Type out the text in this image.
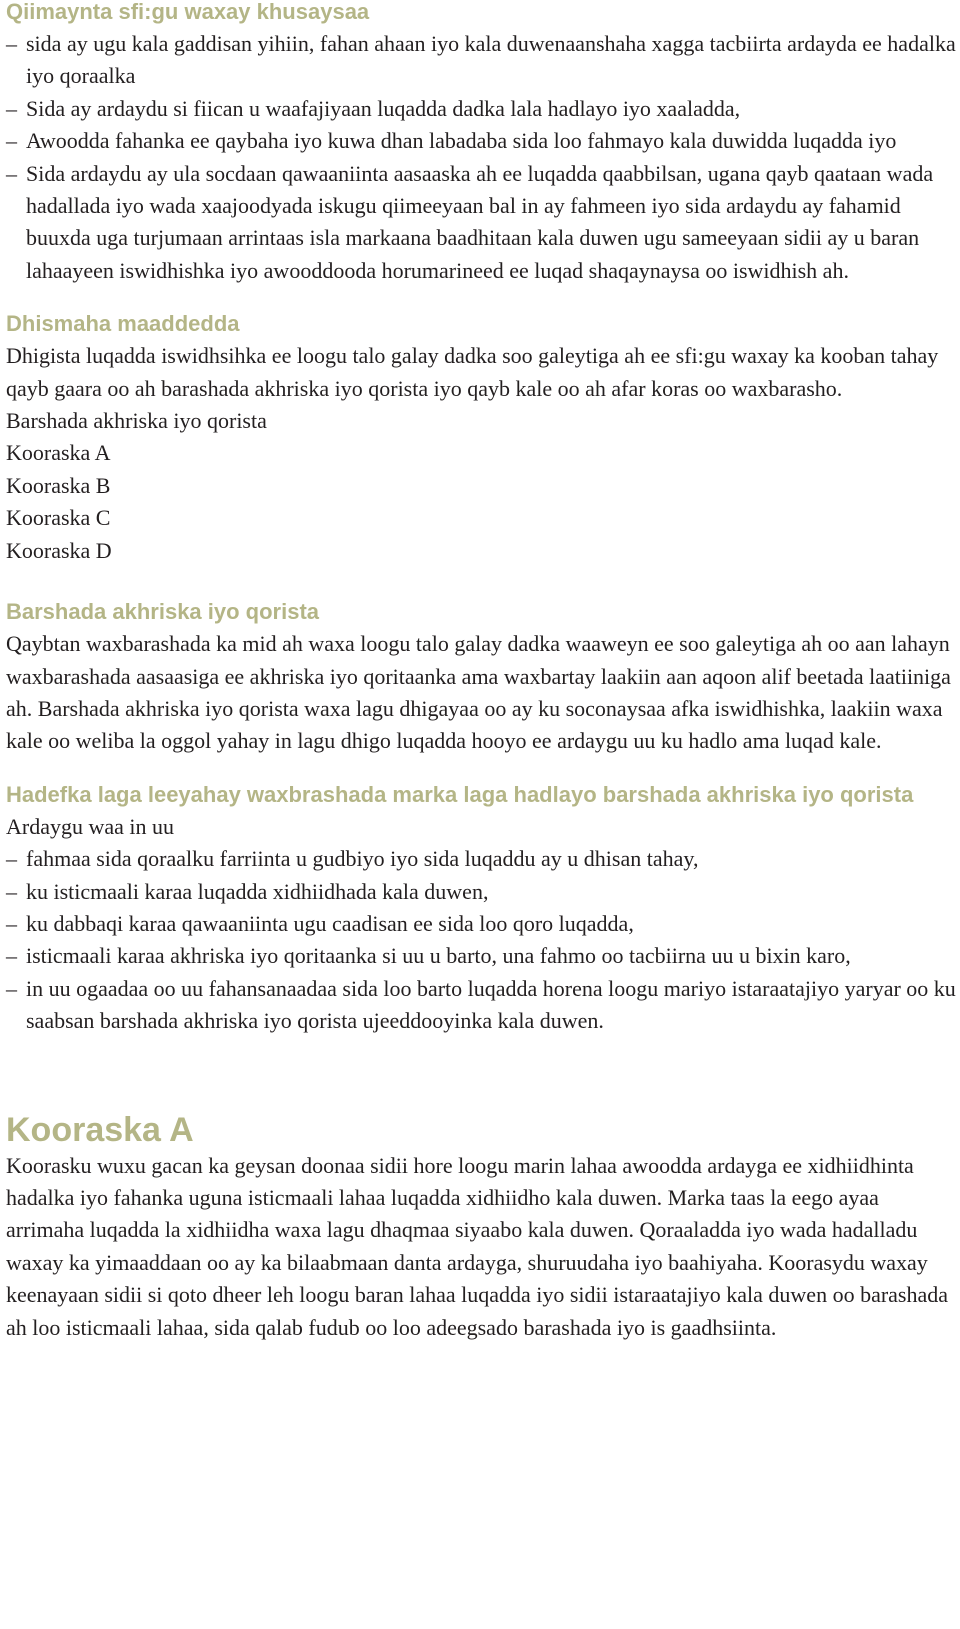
Qiimaynta sfi:gu waxay khusaysaa
– sida ay ugu kala gaddisan yihiin, fahan ahaan iyo kala duwenaanshaha xagga tacbiirta ardayda ee hadalka iyo qoraalka
– Sida ay ardaydu si fiican u waafajiyaan luqadda dadka lala hadlayo iyo xaaladda,
– Awoodda fahanka ee qaybaha iyo kuwa dhan labadaba sida loo fahmayo kala duwidda luqadda iyo
– Sida ardaydu ay ula socdaan qawaaniinta aasaaska ah ee luqadda qaabbilsan, ugana qayb qaataan wada hadallada iyo wada xaajoodyada iskugu qiimeeyaan bal in ay fahmeen iyo sida ardaydu ay fahamid buuxda uga turjumaan arrintaas isla markaana baadhitaan kala duwen ugu sameeyaan sidii ay u baran lahaayeen iswidhishka iyo awooddooda horumarineed ee luqad shaqaynaysa oo iswidhish ah.
Dhismaha maaddedda

Dhigista luqadda iswidhsihka ee loogu talo galay dadka soo galeytiga ah ee sfi:gu waxay ka kooban tahay qayb gaara oo ah barashada akhriska iyo qorista iyo qayb kale oo ah afar koras oo waxbarasho.

Barshada akhriska iyo qorista

Kooraska A

Kooraska B

Kooraska C

Kooraska D

Barshada akhriska iyo qorista

Qaybtan waxbarashada ka mid ah waxa loogu talo galay dadka waaweyn ee soo galeytiga ah oo aan lahayn waxbarashada aasaasiga ee akhriska iyo qoritaanka ama waxbartay laakiin aan aqoon alif beetada laatiiniga ah. Barshada akhriska iyo qorista waxa lagu dhigayaa oo ay ku soconaysaa afka iswidhishka, laakiin waxa kale oo weliba la oggol yahay in lagu dhigo luqadda hooyo ee ardaygu uu ku hadlo ama luqad kale.

Hadefka laga leeyahay waxbrashada marka laga hadlayo barshada akhriska iyo qorista

Ardaygu waa in uu

– fahmaa sida qoraalku farriinta u gudbiyo iyo sida luqaddu ay u dhisan tahay,
– ku isticmaali karaa luqadda xidhiidhada kala duwen,
– ku dabbaqi karaa qawaaniinta ugu caadisan ee sida loo qoro luqadda,
– isticmaali karaa akhriska iyo qoritaanka si uu u barto, una fahmo oo tacbiirna uu u bixin karo,
– in uu ogaadaa oo uu fahansanaadaa sida loo barto luqadda horena loogu mariyo istaraatajiyo yaryar oo ku saabsan barshada akhriska iyo qorista ujeeddooyinka kala duwen.
Kooraska A

Koorasku wuxu gacan ka geysan doonaa sidii hore loogu marin lahaa awoodda ardayga ee xidhiidhinta hadalka iyo fahanka uguna isticmaali lahaa luqadda xidhiidho kala duwen. Marka taas la eego ayaa arrimaha luqadda la xidhiidha waxa lagu dhaqmaa siyaabo kala duwen. Qoraaladda iyo wada hadalladu waxay ka yimaaddaan oo ay ka bilaabmaan danta ardayga, shuruudaha iyo baahiyaha. Koorasydu waxay keenayaan sidii si qoto dheer leh loogu baran lahaa luqadda iyo sidii istaraatajiyo kala duwen oo barashada ah loo isticmaali lahaa, sida qalab fudub oo loo adeegsado barashada iyo is gaadhsiinta.
